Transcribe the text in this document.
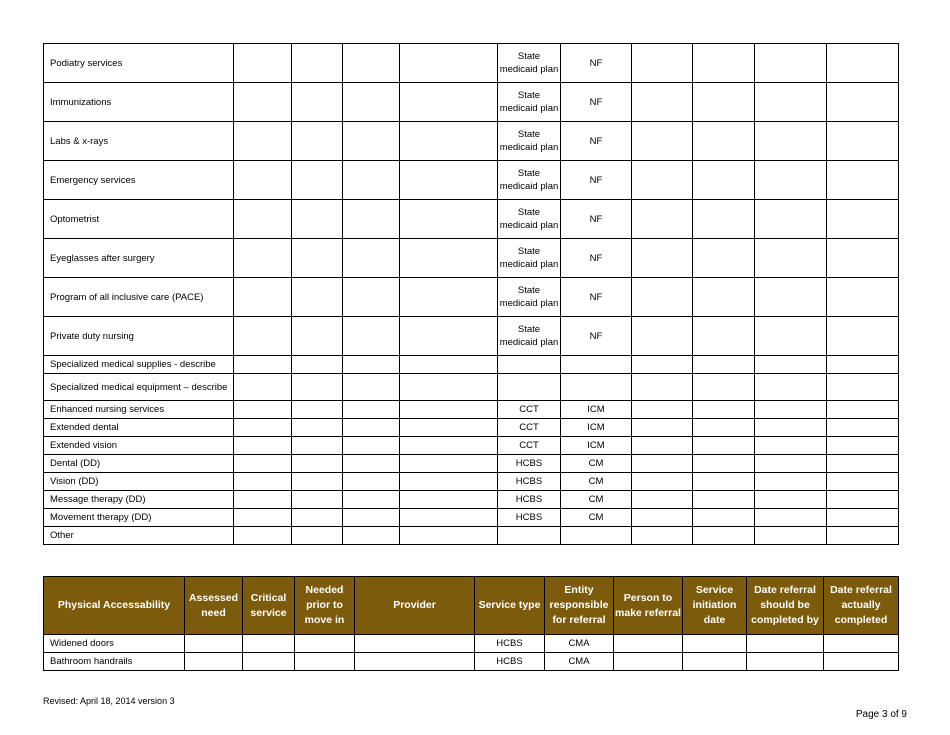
Podiatry services					State medicaid plan	NF				
Immunizations					State medicaid plan	NF				
Labs & x-rays					State medicaid plan	NF				
Emergency services					State medicaid plan	NF				
Optometrist					State medicaid plan	NF				
Eyeglasses after surgery					State medicaid plan	NF				
Program of all inclusive care (PACE)					State medicaid plan	NF				
Private duty nursing					State medicaid plan	NF				
Specialized medical supplies - describe										
Specialized medical equipment – describe										
Enhanced nursing services					CCT	ICM				
Extended dental					CCT	ICM				
Extended vision					CCT	ICM				
Dental (DD)					HCBS	CM				
Vision (DD)					HCBS	CM				
Message therapy (DD)					HCBS	CM				
Movement therapy (DD)					HCBS	CM				
Other										
Physical Accessability	Assessed need	Critical service	Needed prior to move in	Provider	Service type	Entity responsible for referral	Person to make referral	Service initiation date	Date referral should be completed by	Date referral actually completed
Widened doors					HCBS	CMA				
Bathroom handrails					HCBS	CMA				
Revised: April 18, 2014 version 3
Page 3 of 9
